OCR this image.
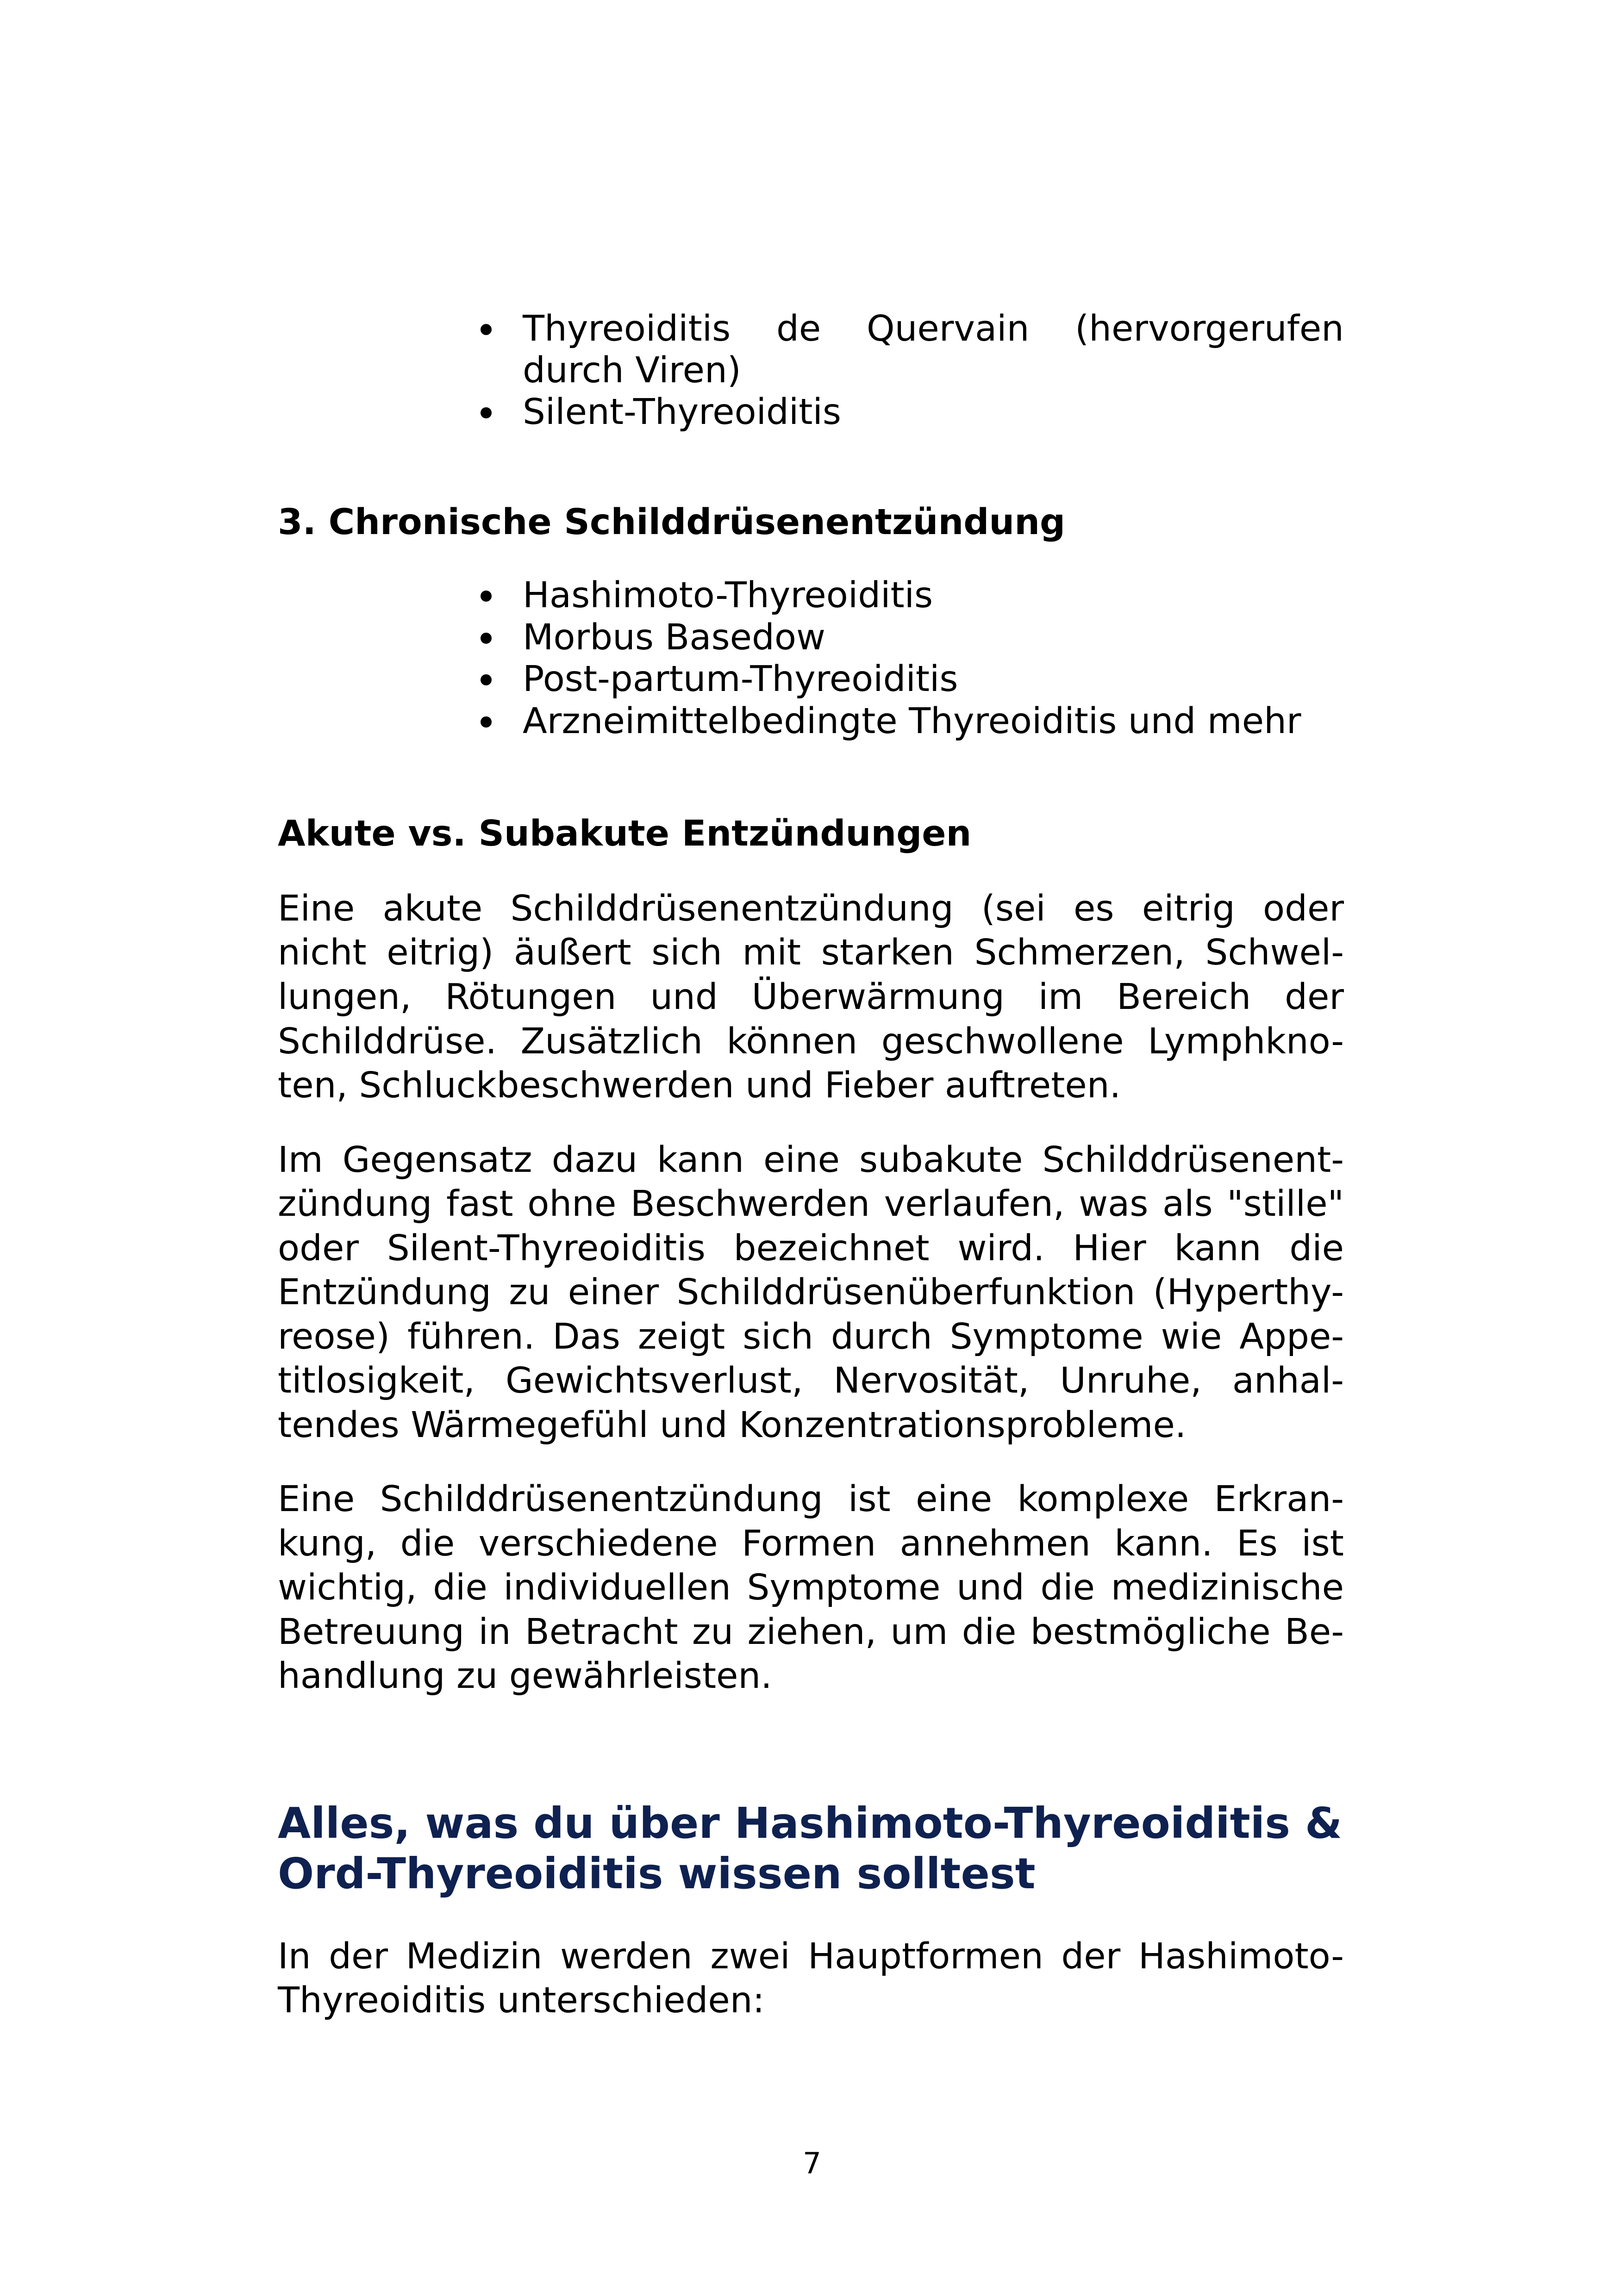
Thyreoiditis de Quervain (hervorgerufen
durch Viren)
Silent-Thyreoiditis
3. Chronische Schilddrüsenentzündung
Hashimoto-Thyreoiditis
Morbus Basedow
Post-partum-Thyreoiditis
Arzneimittelbedingte Thyreoiditis und mehr
Akute vs. Subakute Entzündungen
Eine akute Schilddrüsenentzündung (sei es eitrig oder
nicht eitrig) äußert sich mit starken Schmerzen, Schwel-
lungen, Rötungen und Überwärmung im Bereich der
Schilddrüse. Zusätzlich können geschwollene Lymphkno-
ten, Schluckbeschwerden und Fieber auftreten.
Im Gegensatz dazu kann eine subakute Schilddrüsenent-
zündung fast ohne Beschwerden verlaufen, was als "stille"
oder Silent-Thyreoiditis bezeichnet wird. Hier kann die
Entzündung zu einer Schilddrüsenüberfunktion (Hyperthy-
reose) führen. Das zeigt sich durch Symptome wie Appe-
titlosigkeit, Gewichtsverlust, Nervosität, Unruhe, anhal-
tendes Wärmegefühl und Konzentrationsprobleme.
Eine Schilddrüsenentzündung ist eine komplexe Erkran-
kung, die verschiedene Formen annehmen kann. Es ist
wichtig, die individuellen Symptome und die medizinische
Betreuung in Betracht zu ziehen, um die bestmögliche Be-
handlung zu gewährleisten.
Alles, was du über Hashimoto-Thyreoiditis &
Ord-Thyreoiditis wissen solltest
In der Medizin werden zwei Hauptformen der Hashimoto-
Thyreoiditis unterschieden:
7
